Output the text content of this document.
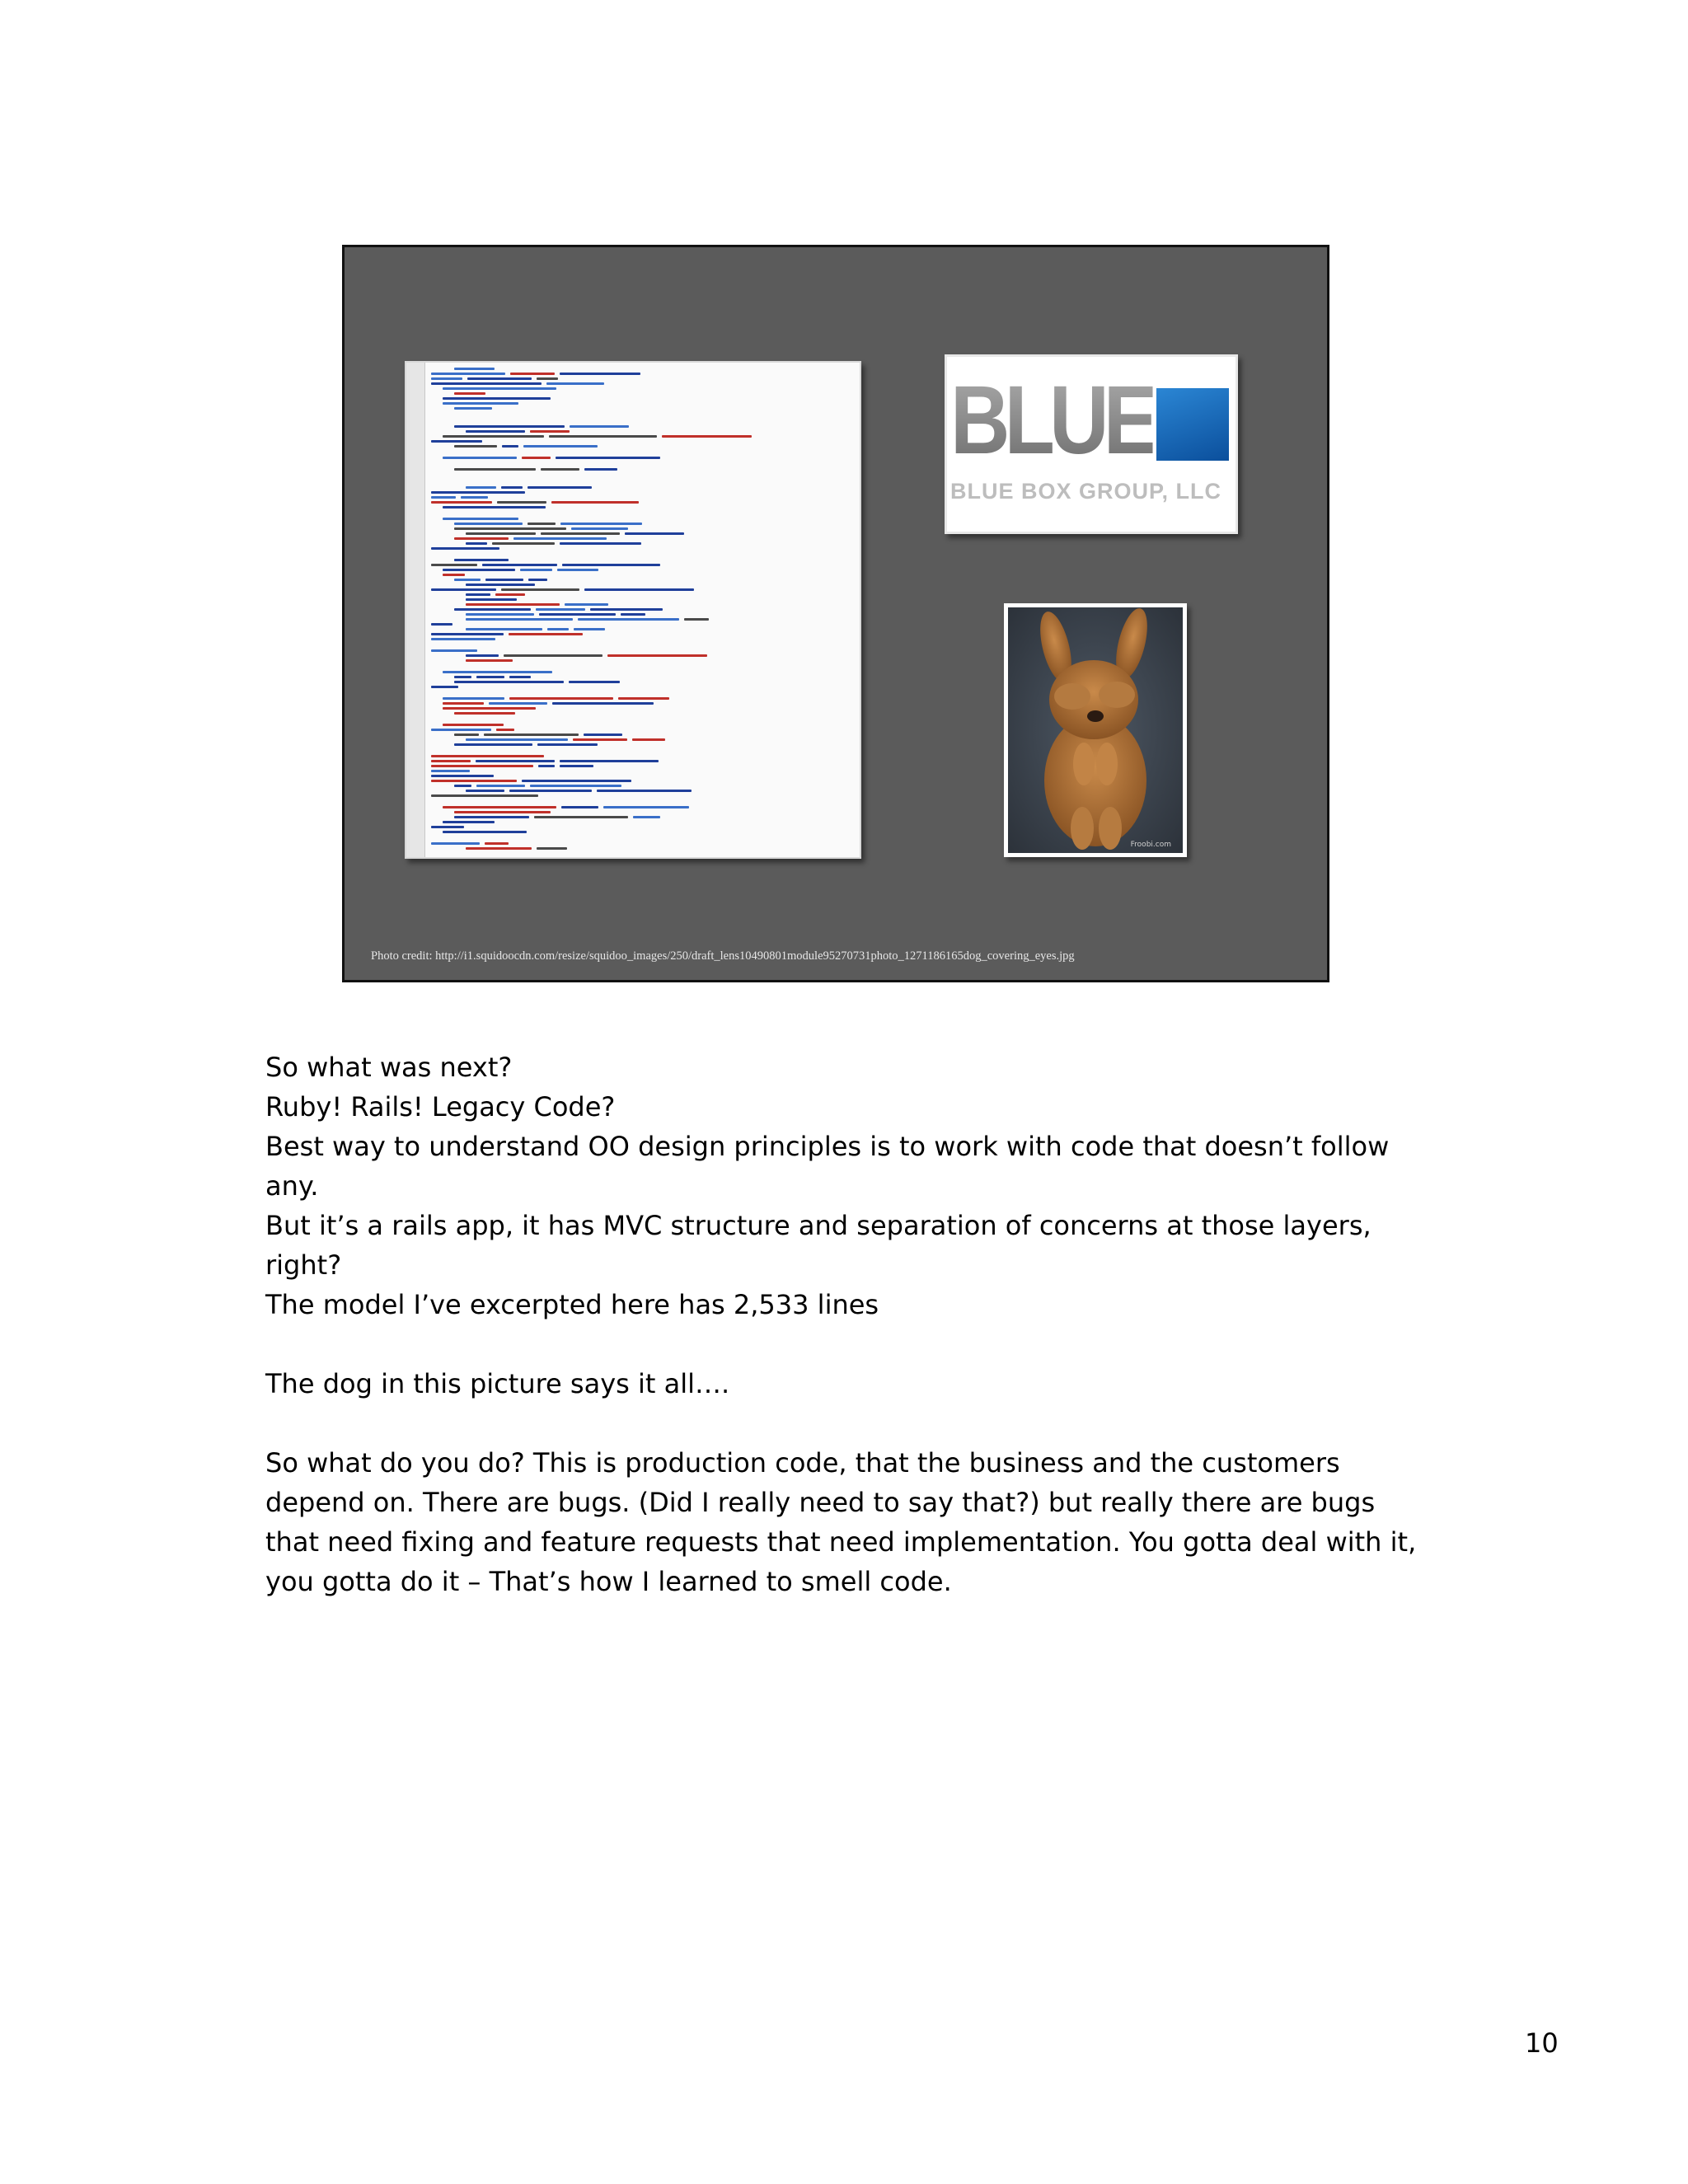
BLUE
BLUE BOX GROUP, LLC
Froobi.com
Photo credit: http://i1.squidoocdn.com/resize/squidoo_images/250/draft_lens10490801module95270731photo_1271186165dog_covering_eyes.jpg

So what was next?

Ruby! Rails! Legacy Code?

Best way to understand OO design principles is to work with code that doesn’t follow any.

But it’s a rails app, it has MVC structure and separation of concerns at those layers, right?

The model I’ve excerpted here has 2,533 lines

The dog in this picture says it all….

So what do you do? This is production code, that the business and the customers depend on. There are bugs. (Did I really need to say that?) but really there are bugs that need fixing and feature requests that need implementation. You gotta deal with it, you gotta do it – That’s how I learned to smell code.

10
